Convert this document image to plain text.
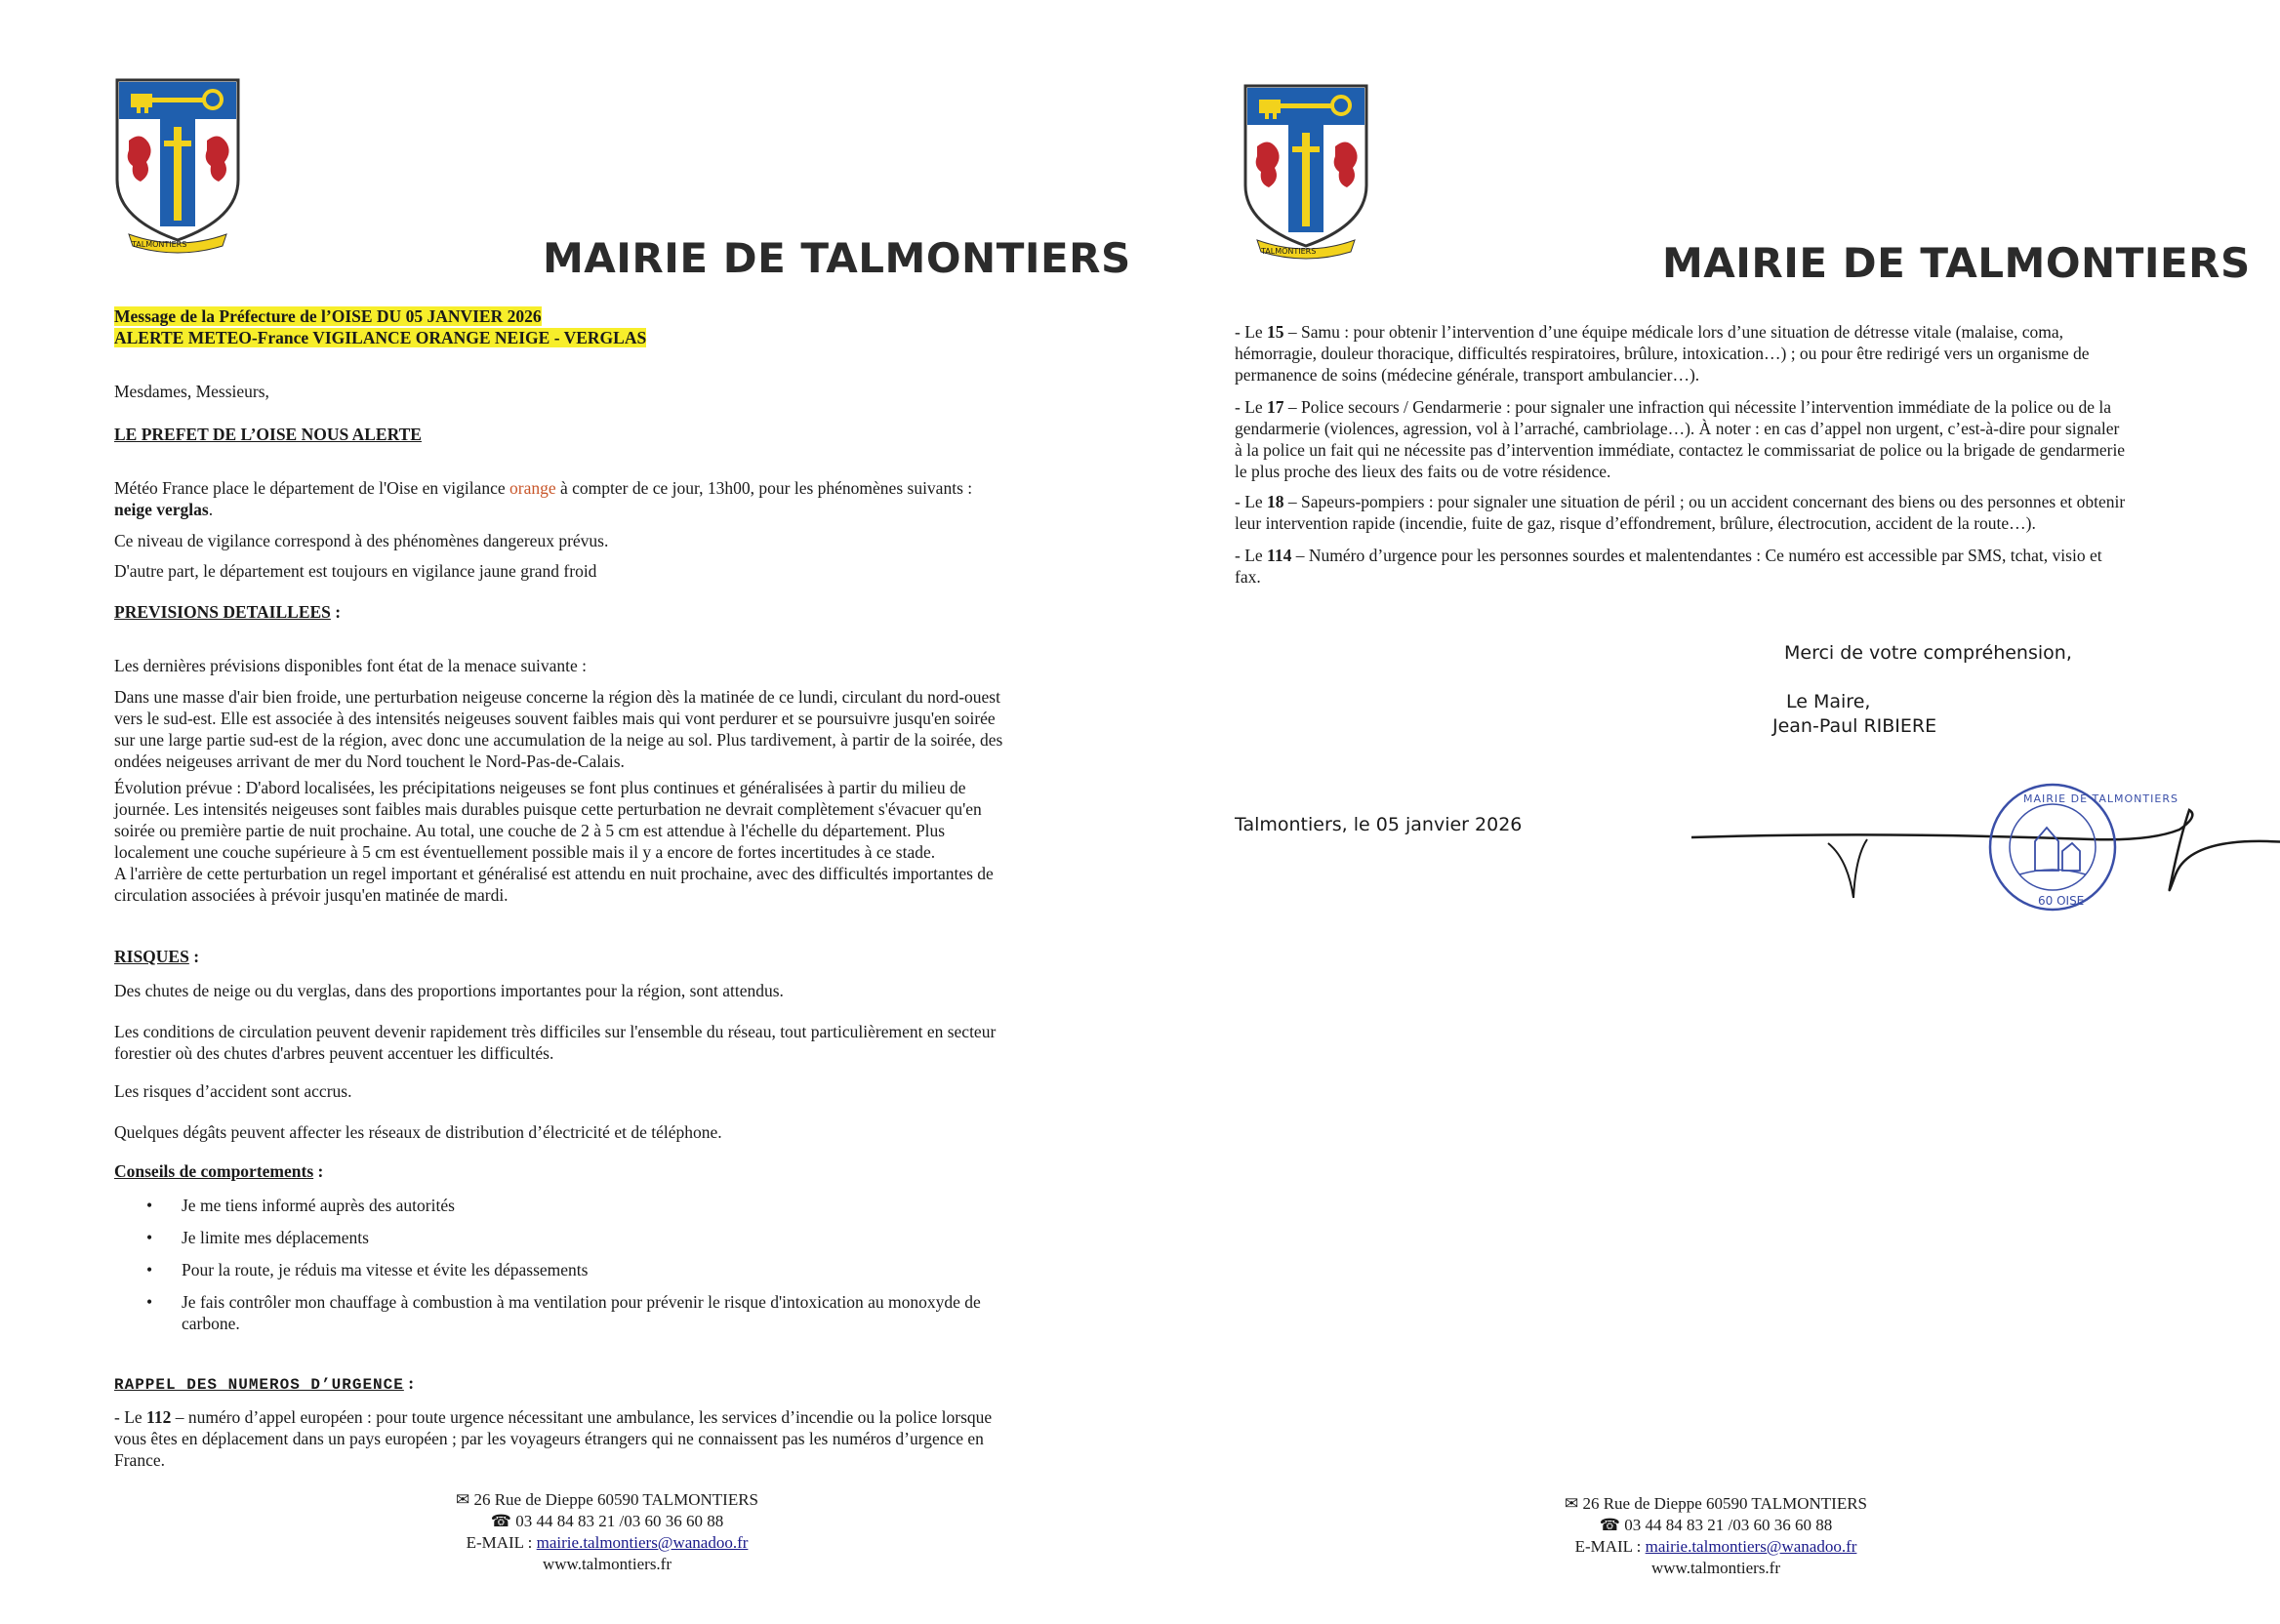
TALMONTIERS	MAIRIE DE TALMONTIERS
Message de la Préfecture de l’OISE DU 05 JANVIER 2026
ALERTE METEO-France VIGILANCE ORANGE NEIGE - VERGLAS
Mesdames, Messieurs,
LE PREFET DE L’OISE NOUS ALERTE
Météo France place le département de l'Oise en vigilance orange à compter de ce jour, 13h00, pour les phénomènes suivants :
neige verglas.
Ce niveau de vigilance correspond à des phénomènes dangereux prévus.
D'autre part, le département est toujours en vigilance jaune grand froid
PREVISIONS DETAILLEES :
Les dernières prévisions disponibles font état de la menace suivante :
Dans une masse d'air bien froide, une perturbation neigeuse concerne la région dès la matinée de ce lundi, circulant du nord-ouest
vers le sud-est. Elle est associée à des intensités neigeuses souvent faibles mais qui vont perdurer et se poursuivre jusqu'en soirée
sur une large partie sud-est de la région, avec donc une accumulation de la neige au sol. Plus tardivement, à partir de la soirée, des
ondées neigeuses arrivant de mer du Nord touchent le Nord-Pas-de-Calais.
Évolution prévue : D'abord localisées, les précipitations neigeuses se font plus continues et généralisées à partir du milieu de
journée. Les intensités neigeuses sont faibles mais durables puisque cette perturbation ne devrait complètement s'évacuer qu'en
soirée ou première partie de nuit prochaine. Au total, une couche de 2 à 5 cm est attendue à l'échelle du département. Plus
localement une couche supérieure à 5 cm est éventuellement possible mais il y a encore de fortes incertitudes à ce stade.
A l'arrière de cette perturbation un regel important et généralisé est attendu en nuit prochaine, avec des difficultés importantes de
circulation associées à prévoir jusqu'en matinée de mardi.
RISQUES :
Des chutes de neige ou du verglas, dans des proportions importantes pour la région, sont attendus.
Les conditions de circulation peuvent devenir rapidement très difficiles sur l'ensemble du réseau, tout particulièrement en secteur
forestier où des chutes d'arbres peuvent accentuer les difficultés.
Les risques d’accident sont accrus.
Quelques dégâts peuvent affecter les réseaux de distribution d’électricité et de téléphone.
Conseils de comportements :
• Je me tiens informé auprès des autorités
• Je limite mes déplacements
• Pour la route, je réduis ma vitesse et évite les dépassements
• Je fais contrôler mon chauffage à combustion à ma ventilation pour prévenir le risque d'intoxication au monoxyde de
carbone.
RAPPEL DES NUMEROS D’URGENCE :
- Le 112 – numéro d’appel européen : pour toute urgence nécessitant une ambulance, les services d’incendie ou la police lorsque
vous êtes en déplacement dans un pays européen ; par les voyageurs étrangers qui ne connaissent pas les numéros d’urgence en
France.
✉ 26 Rue de Dieppe 60590 TALMONTIERS
☎ 03 44 84 83 21 /03 60 36 60 88
E-MAIL : mairie.talmontiers@wanadoo.fr
www.talmontiers.fr
TALMONTIERS	MAIRIE DE TALMONTIERS
- Le 15 – Samu : pour obtenir l’intervention d’une équipe médicale lors d’une situation de détresse vitale (malaise, coma,
hémorragie, douleur thoracique, difficultés respiratoires, brûlure, intoxication…) ; ou pour être redirigé vers un organisme de
permanence de soins (médecine générale, transport ambulancier…).
- Le 17 – Police secours / Gendarmerie : pour signaler une infraction qui nécessite l’intervention immédiate de la police ou de la
gendarmerie (violences, agression, vol à l’arraché, cambriolage…). À noter : en cas d’appel non urgent, c’est-à-dire pour signaler
à la police un fait qui ne nécessite pas d’intervention immédiate, contactez le commissariat de police ou la brigade de gendarmerie
le plus proche des lieux des faits ou de votre résidence.
- Le 18 – Sapeurs-pompiers : pour signaler une situation de péril ; ou un accident concernant des biens ou des personnes et obtenir
leur intervention rapide (incendie, fuite de gaz, risque d’effondrement, brûlure, électrocution, accident de la route…).
- Le 114 – Numéro d’urgence pour les personnes sourdes et malentendantes : Ce numéro est accessible par SMS, tchat, visio et
fax.
Merci de votre compréhension,
Le Maire,
Jean-Paul RIBIERE
Talmontiers, le 05 janvier 2026
MAIRIE DE TALMONTIERS
60 OISE
✉ 26 Rue de Dieppe 60590 TALMONTIERS
☎ 03 44 84 83 21 /03 60 36 60 88
E-MAIL : mairie.talmontiers@wanadoo.fr
www.talmontiers.fr
